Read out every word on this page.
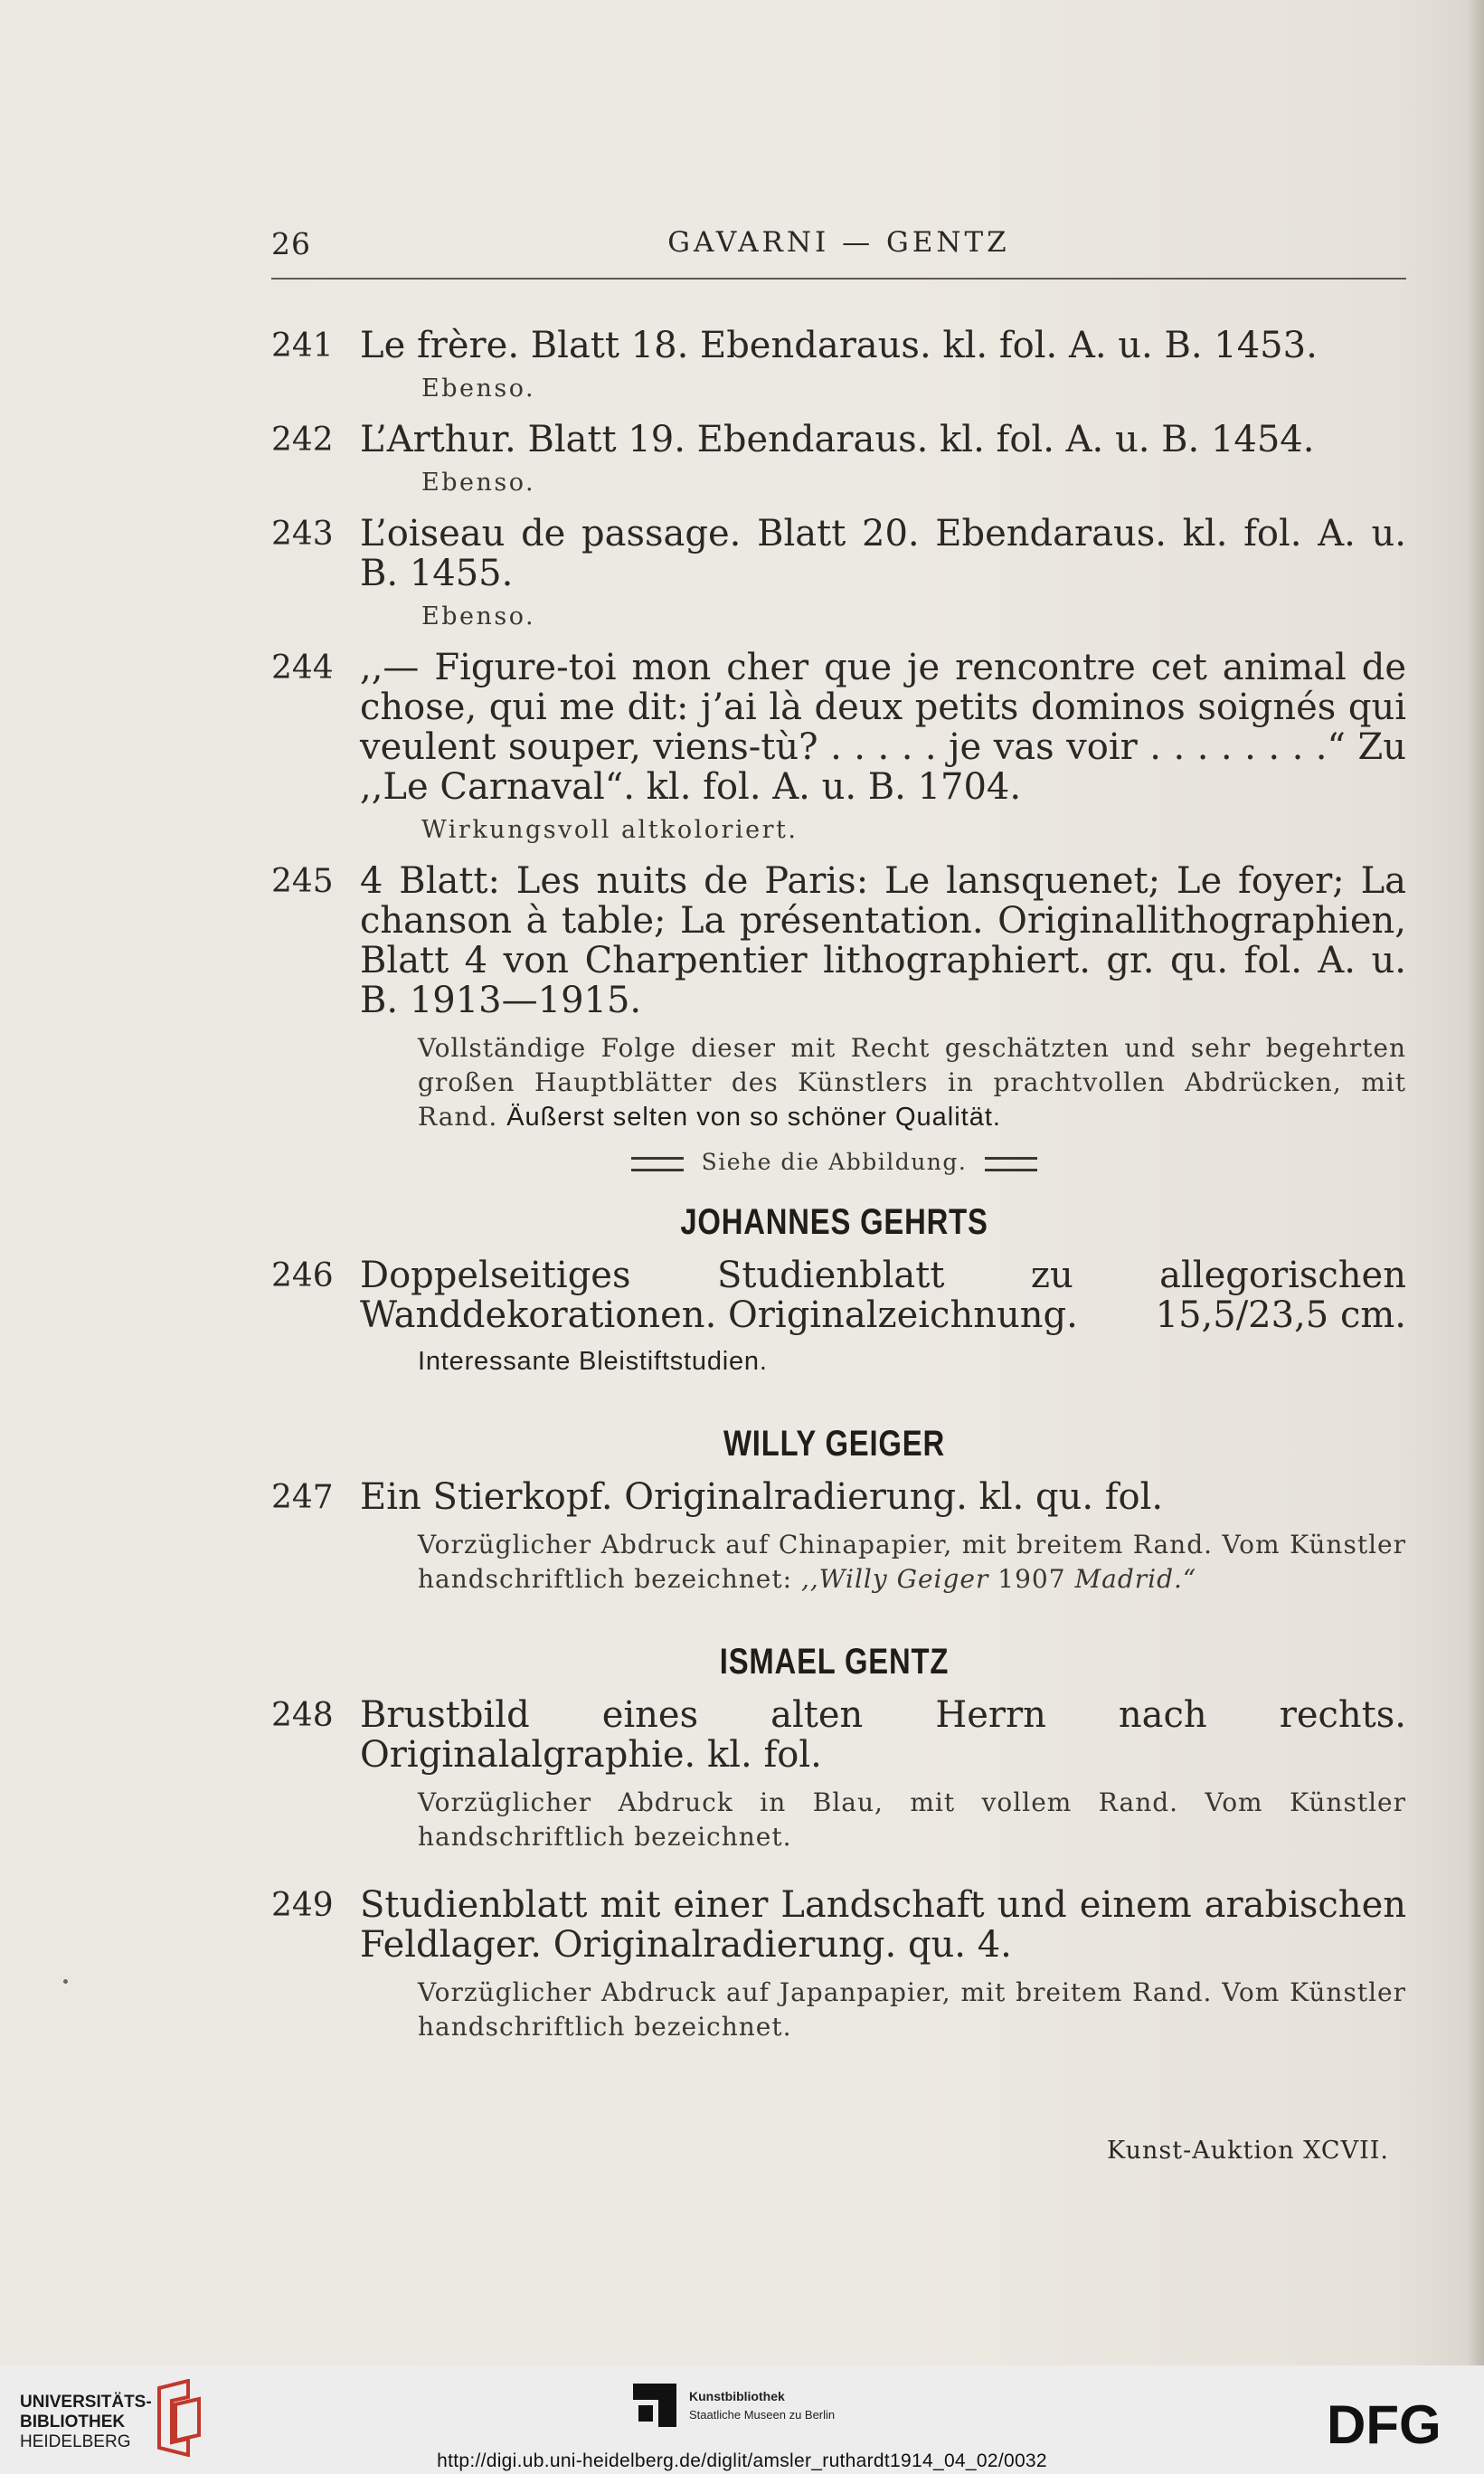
26	GAVARNI — GENTZ
241 Le frère. Blatt 18. Ebendaraus. kl. fol. A. u. B. 1453.
Ebenso.
242 L’Arthur. Blatt 19. Ebendaraus. kl. fol. A. u. B. 1454.
Ebenso.
243 L’oiseau de passage. Blatt 20. Ebendaraus. kl. fol. A. u. B. 1455.
Ebenso.
244 ,,— Figure-toi mon cher que je rencontre cet animal de chose, qui me dit: j’ai là deux petits dominos soignés qui veulent souper, viens-tù? . . . . . je vas voir . . . . . . . .“ Zu ,,Le Carnaval“. kl. fol. A. u. B. 1704.
Wirkungsvoll altkoloriert.
245 4 Blatt: Les nuits de Paris: Le lansquenet; Le foyer; La chanson à table; La présentation. Originallithographien, Blatt 4 von Charpentier lithographiert. gr. qu. fol. A. u. B. 1913—1915.
Vollständige Folge dieser mit Recht geschätzten und sehr begehrten großen Hauptblätter des Künstlers in prachtvollen Abdrücken, mit Rand. Äußerst selten von so schöner Qualität.
Siehe die Abbildung.
JOHANNES GEHRTS
246 Doppelseitiges Studienblatt zu allegorischen Wanddekorationen. Originalzeichnung. 15,5/23,5 cm.
Interessante Bleistiftstudien.
WILLY GEIGER
247 Ein Stierkopf. Originalradierung. kl. qu. fol.
Vorzüglicher Abdruck auf Chinapapier, mit breitem Rand. Vom Künstler handschriftlich bezeichnet: ,,Willy Geiger 1907 Madrid.“
ISMAEL GENTZ
248 Brustbild eines alten Herrn nach rechts. Originalalgraphie. kl. fol.
Vorzüglicher Abdruck in Blau, mit vollem Rand. Vom Künstler handschriftlich bezeichnet.
249 Studienblatt mit einer Landschaft und einem arabischen Feldlager. Originalradierung. qu. 4.
Vorzüglicher Abdruck auf Japanpapier, mit breitem Rand. Vom Künstler handschriftlich bezeichnet.
Kunst-Auktion XCVII.
UNIVERSITÄTS-
BIBLIOTHEK
HEIDELBERG
Kunstbibliothek
Staatliche Museen zu Berlin	DFG
http://digi.ub.uni-heidelberg.de/diglit/amsler_ruthardt1914_04_02/0032
